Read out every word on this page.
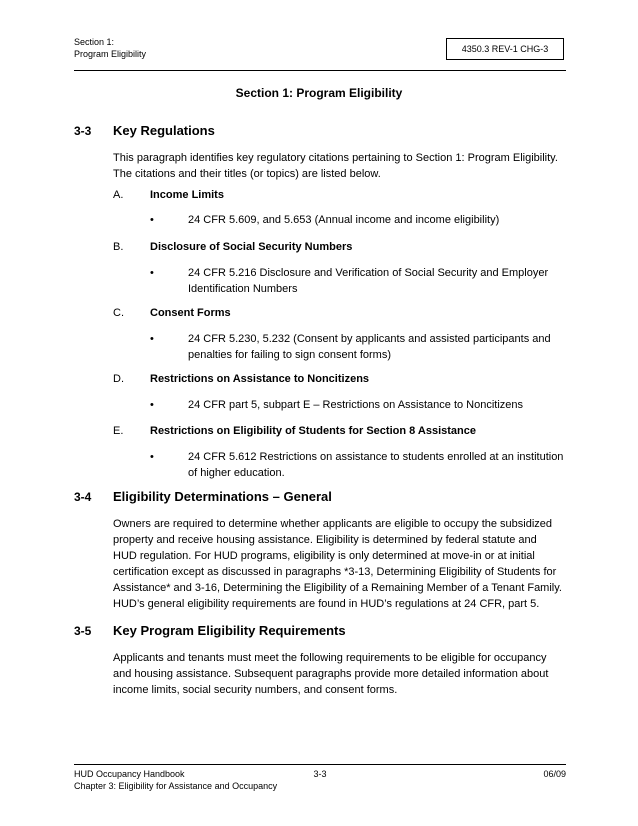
Section 1:
Program Eligibility	4350.3 REV-1 CHG-3
Section 1: Program Eligibility
3-3 Key Regulations
This paragraph identifies key regulatory citations pertaining to Section 1: Program Eligibility. The citations and their titles (or topics) are listed below.
A. Income Limits
•	24 CFR 5.609, and 5.653 (Annual income and income eligibility)
B. Disclosure of Social Security Numbers
•	24 CFR 5.216 Disclosure and Verification of Social Security and Employer Identification Numbers
C. Consent Forms
•	24 CFR 5.230, 5.232 (Consent by applicants and assisted participants and penalties for failing to sign consent forms)
D. Restrictions on Assistance to Noncitizens
•	24 CFR part 5, subpart E – Restrictions on Assistance to Noncitizens
E. Restrictions on Eligibility of Students for Section 8 Assistance
•	24 CFR 5.612 Restrictions on assistance to students enrolled at an institution of higher education.
3-4 Eligibility Determinations – General
Owners are required to determine whether applicants are eligible to occupy the subsidized property and receive housing assistance. Eligibility is determined by federal statute and HUD regulation. For HUD programs, eligibility is only determined at move-in or at initial certification except as discussed in paragraphs *3-13, Determining Eligibility of Students for Assistance* and 3-16, Determining the Eligibility of a Remaining Member of a Tenant Family. HUD’s general eligibility requirements are found in HUD’s regulations at 24 CFR, part 5.
3-5 Key Program Eligibility Requirements
Applicants and tenants must meet the following requirements to be eligible for occupancy and housing assistance. Subsequent paragraphs provide more detailed information about income limits, social security numbers, and consent forms.
HUD Occupancy Handbook	3-3	06/09
Chapter 3: Eligibility for Assistance and Occupancy
